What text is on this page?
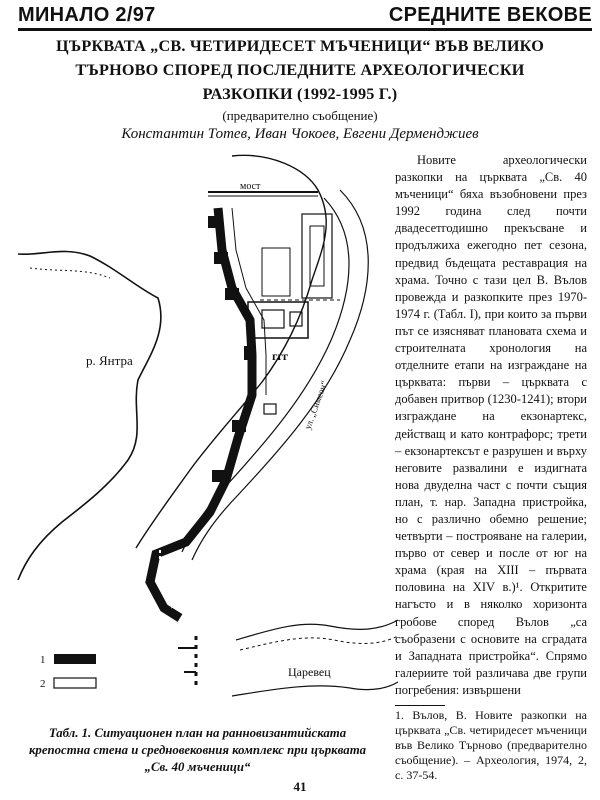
МИНАЛО 2/97	СРЕДНИТЕ ВЕКОВЕ
ЦЪРКВАТА „СВ. ЧЕТИРИДЕСЕТ МЪЧЕНИЦИ“ ВЪВ ВЕЛИКО ТЪРНОВО СПОРЕД ПОСЛЕДНИТЕ АРХЕОЛОГИЧЕСКИ РАЗКОПКИ (1992-1995 Г.)
(предварително съобщение)
Константин Тотев, Иван Чокоев, Евгени Дерменджиев
мост
ул. „Симеон“
ггг
р. Янтра
Царевец
1
2
Новите археологически разкопки на църквата „Св. 40 мъченици“ бяха възобновени през 1992 година след почти двадесетгодишно прекъсване и продължиха ежегодно пет сезона, предвид бъдещата реставрация на храма. Точно с тази цел В. Вълов провежда и разкопките през 1970-1974 г. (Табл. I), при които за първи път се изясняват плановата схема и строителната хронология на отделните етапи на изграждане на църквата: първи – църквата с добавен притвор (1230-1241); втори изграждане на екзонартекс, действащ и като контрафорс; трети – екзонартексът е разрушен и върху неговите развалини е издигната нова двуделна част с почти същия план, т. нар. Западна пристройка, но с различно обемно решение; четвърти – построяване на галерии, първо от север и после от юг на храма (края на XIII – първата половина на XIV в.)¹. Откритите нагъсто и в няколко хоризонта гробове според Вълов „са съобразени с основите на сградата и Западната пристройка“. Спрямо галериите той различава две групи погребения: извършени
1. Вълов, В. Новите разкопки на църквата „Св. четиридесет мъченици във Велико Търново (предварително съобщение). – Археология, 1974, 2, с. 37-54.
Табл. 1. Ситуационен план на ранновизантийската крепостна стена и средновековния комплекс при църквата „Св. 40 мъченици“
41
